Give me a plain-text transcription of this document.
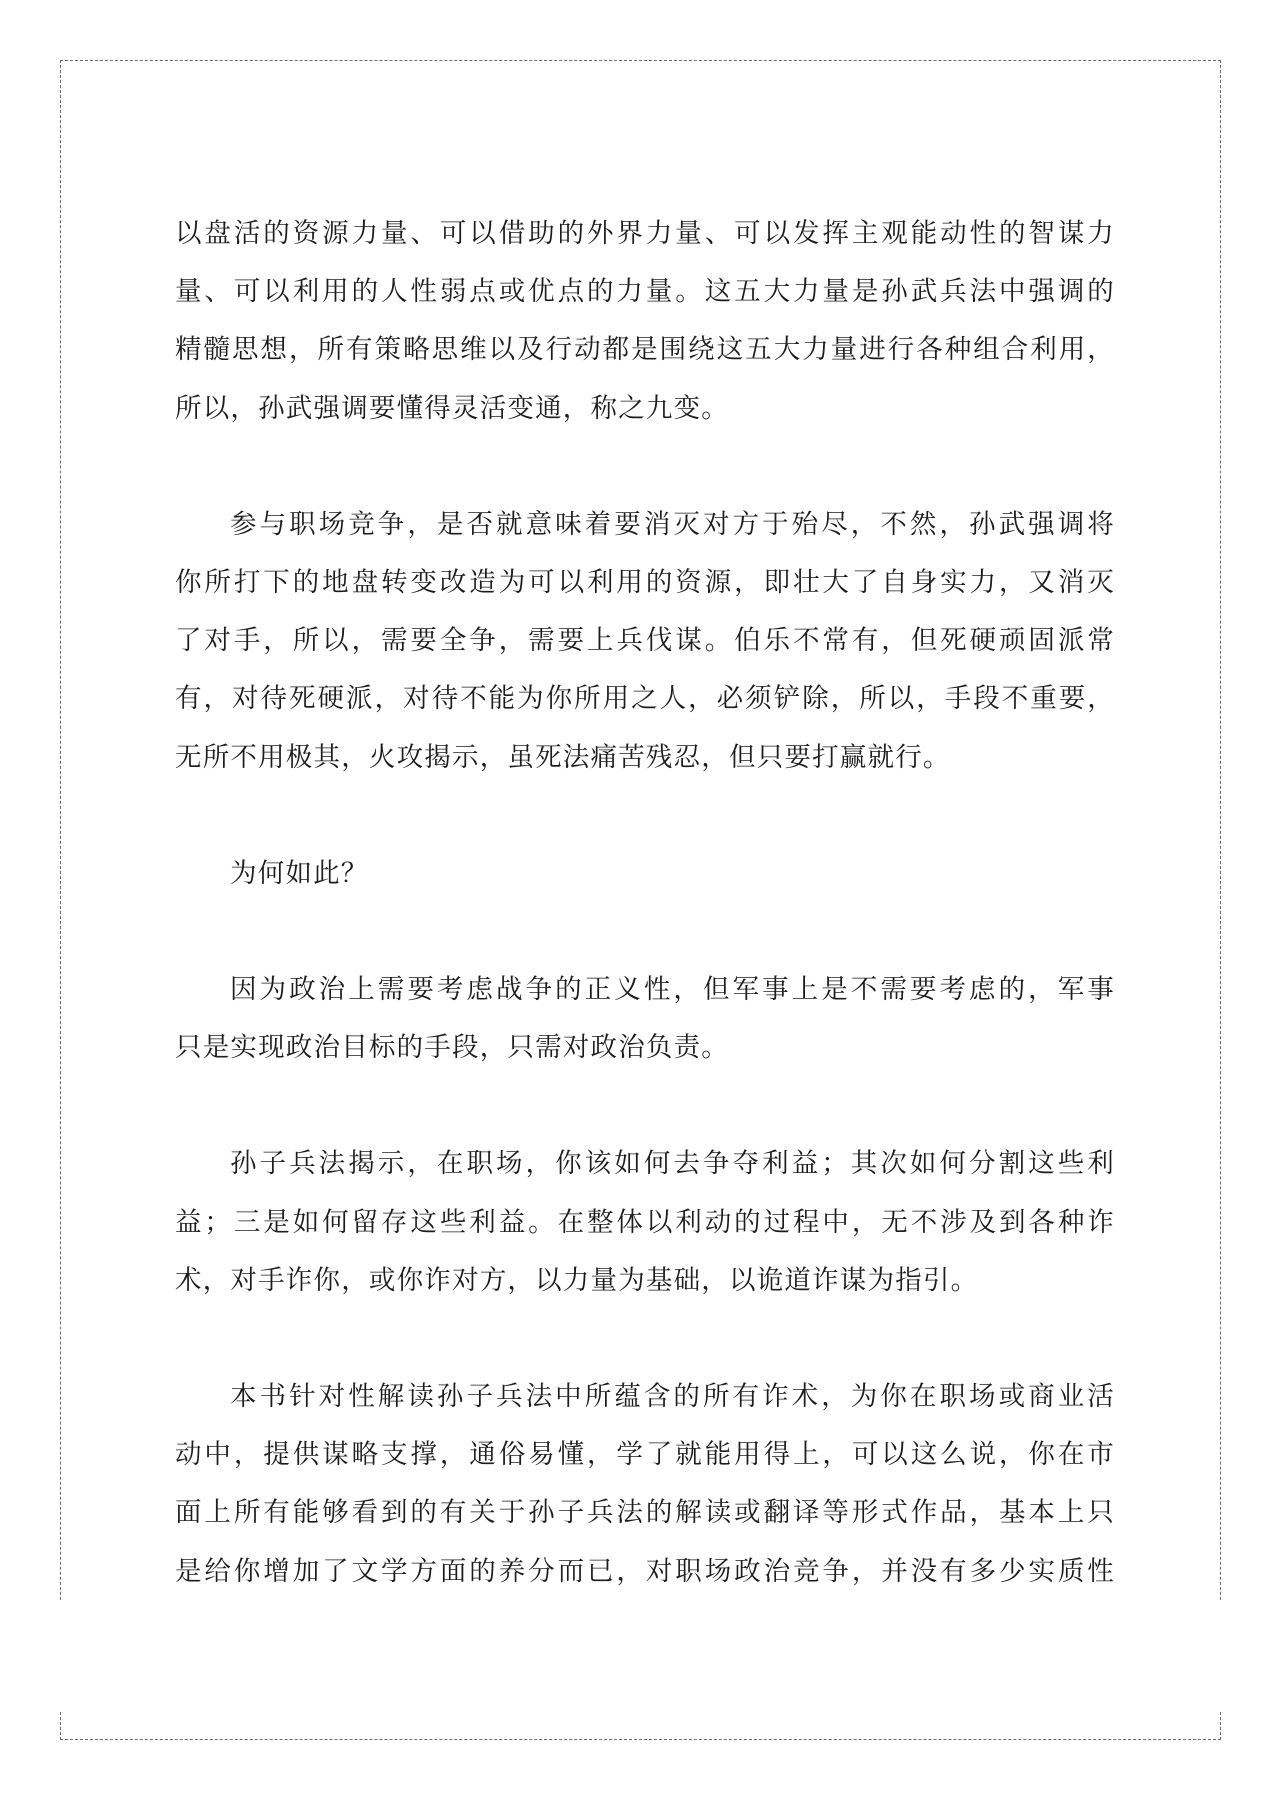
以盘活的资源力量、可以借助的外界力量、可以发挥主观能动性的智谋力
量、可以利用的人性弱点或优点的力量。这五大力量是孙武兵法中强调的
精髓思想，所有策略思维以及行动都是围绕这五大力量进行各种组合利用，
所以，孙武强调要懂得灵活变通，称之九变。

参与职场竞争，是否就意味着要消灭对方于殆尽，不然，孙武强调将
你所打下的地盘转变改造为可以利用的资源，即壮大了自身实力，又消灭
了对手，所以，需要全争，需要上兵伐谋。伯乐不常有，但死硬顽固派常
有，对待死硬派，对待不能为你所用之人，必须铲除，所以，手段不重要，
无所不用极其，火攻揭示，虽死法痛苦残忍，但只要打赢就行。

为何如此？

因为政治上需要考虑战争的正义性，但军事上是不需要考虑的，军事
只是实现政治目标的手段，只需对政治负责。

孙子兵法揭示，在职场，你该如何去争夺利益；其次如何分割这些利
益；三是如何留存这些利益。在整体以利动的过程中，无不涉及到各种诈
术，对手诈你，或你诈对方，以力量为基础，以诡道诈谋为指引。

本书针对性解读孙子兵法中所蕴含的所有诈术，为你在职场或商业活
动中，提供谋略支撑，通俗易懂，学了就能用得上，可以这么说，你在市
面上所有能够看到的有关于孙子兵法的解读或翻译等形式作品，基本上只
是给你增加了文学方面的养分而已，对职场政治竞争，并没有多少实质性
